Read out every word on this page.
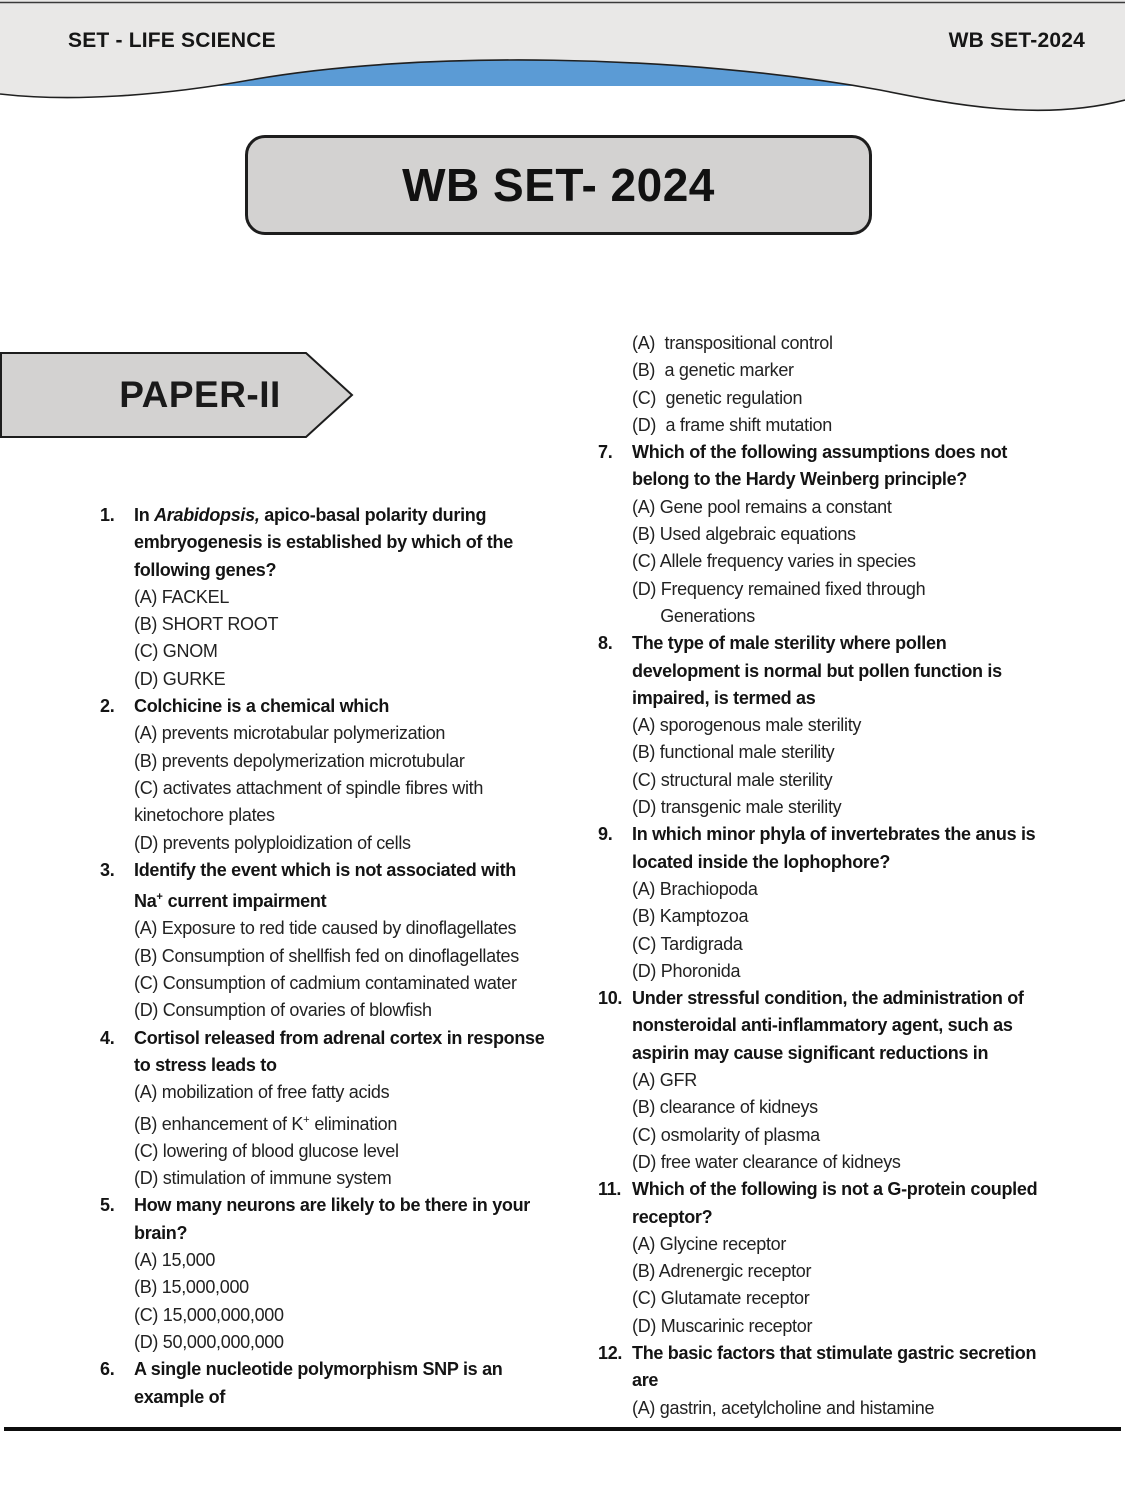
SET - LIFE SCIENCE	WB SET-2024
WB SET- 2024
PAPER-II
1.	In Arabidopsis, apico-basal polarity during
embryogenesis is established by which of the
following genes?
(A) FACKEL
(B) SHORT ROOT
(C) GNOM
(D) GURKE
2.	Colchicine is a chemical which
(A) prevents microtabular polymerization
(B) prevents depolymerization microtubular
(C) activates attachment of spindle fibres with
kinetochore plates
(D) prevents polyploidization of cells
3.	Identify the event which is not associated with
Na+ current impairment
(A) Exposure to red tide caused by dinoflagellates
(B) Consumption of shellfish fed on dinoflagellates
(C) Consumption of cadmium contaminated water
(D) Consumption of ovaries of blowfish
4.	Cortisol released from adrenal cortex in response
to stress leads to
(A) mobilization of free fatty acids
(B) enhancement of K+ elimination
(C) lowering of blood glucose level
(D) stimulation of immune system
5.	How many neurons are likely to be there in your
brain?
(A) 15,000
(B) 15,000,000
(C) 15,000,000,000
(D) 50,000,000,000
6.	A single nucleotide polymorphism SNP is an
example of
(A)  transpositional control
(B)  a genetic marker
(C)  genetic regulation
(D)  a frame shift mutation
7.	Which of the following assumptions does not
belong to the Hardy Weinberg principle?
(A) Gene pool remains a constant
(B) Used algebraic equations
(C) Allele frequency varies in species
(D) Frequency remained fixed through
Generations
8.	The type of male sterility where pollen
development is normal but pollen function is
impaired, is termed as
(A) sporogenous male sterility
(B) functional male sterility
(C) structural male sterility
(D) transgenic male sterility
9.	In which minor phyla of invertebrates the anus is
located inside the lophophore?
(A) Brachiopoda
(B) Kamptozoa
(C) Tardigrada
(D) Phoronida
10. Under stressful condition, the administration of
nonsteroidal anti-inflammatory agent, such as
aspirin may cause significant reductions in
(A) GFR
(B) clearance of kidneys
(C) osmolarity of plasma
(D) free water clearance of kidneys
11. Which of the following is not a G-protein coupled
receptor?
(A) Glycine receptor
(B) Adrenergic receptor
(C) Glutamate receptor
(D) Muscarinic receptor
12. The basic factors that stimulate gastric secretion
are
(A) gastrin, acetylcholine and histamine
